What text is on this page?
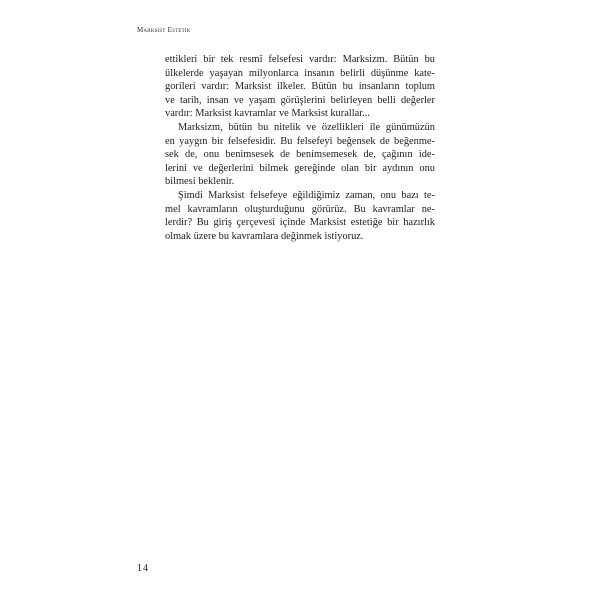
Marksist Estetik

ettikleri bir tek resmî felsefesi vardır: Marksizm. Bütün bu
ülkelerde yaşayan milyonlarca insanın belirli düşünme kate-
gorileri vardır: Marksist ilkeler. Bütün bu insanların toplum
ve tarih, insan ve yaşam görüşlerini belirleyen belli değerler
vardır: Marksist kavramlar ve Marksist kurallar...

Marksizm, bütün bu nitelik ve özellikleri ile günümüzün
en yaygın bir felsefesidir. Bu felsefeyi beğensek de beğenme-
sek de, onu benimsesek de benimsemesek de, çağının ide-
lerini ve değerlerini bilmek gereğinde olan bir aydının onu
bilmesi beklenir.

Şimdi Marksist felsefeye eğildiğimiz zaman, onu bazı te-
mel kavramların oluşturduğunu görürüz. Bu kavramlar ne-
lerdir? Bu giriş çerçevesi içinde Marksist estetiğe bir hazırlık
olmak üzere bu kavramlara değinmek istiyoruz.

14
